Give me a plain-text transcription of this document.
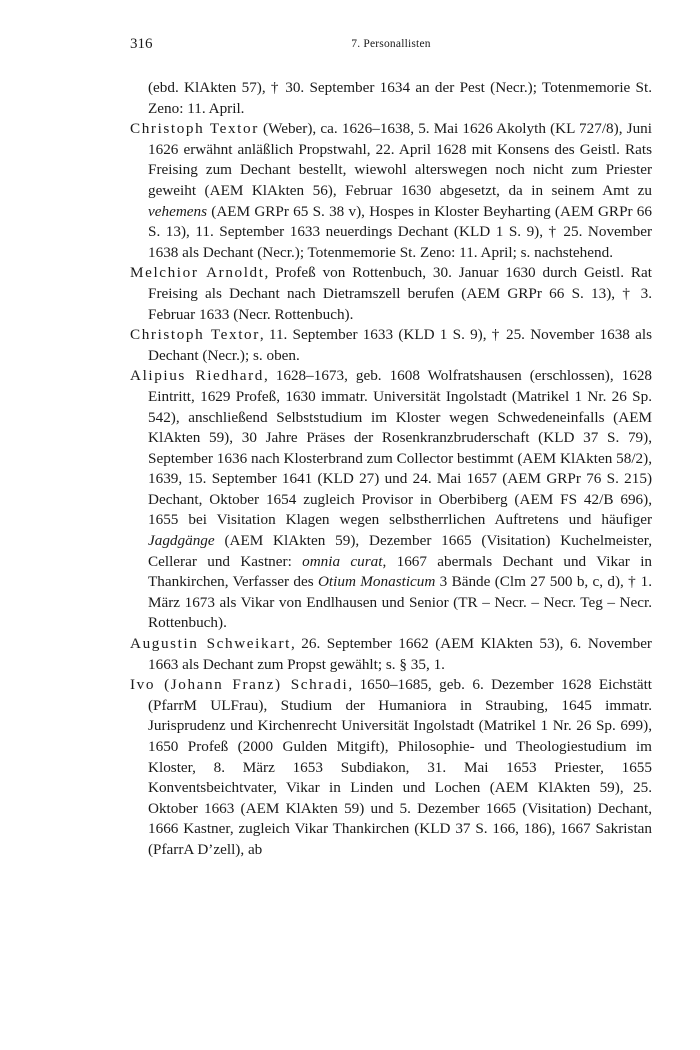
316	7. Personallisten

(ebd. KlAkten 57), † 30. September 1634 an der Pest (Necr.); Totenmemorie St. Zeno: 11. April.

Christoph Textor (Weber), ca. 1626–1638, 5. Mai 1626 Akolyth (KL 727/8), Juni 1626 erwähnt anläßlich Propstwahl, 22. April 1628 mit Konsens des Geistl. Rats Freising zum Dechant bestellt, wiewohl alterswegen noch nicht zum Priester geweiht (AEM KlAkten 56), Februar 1630 abgesetzt, da in seinem Amt zu vehemens (AEM GRPr 65 S. 38 v), Hospes in Kloster Beyharting (AEM GRPr 66 S. 13), 11. September 1633 neuerdings Dechant (KLD 1 S. 9), † 25. November 1638 als Dechant (Necr.); Totenmemorie St. Zeno: 11. April; s. nachstehend.

Melchior Arnoldt, Profeß von Rottenbuch, 30. Januar 1630 durch Geistl. Rat Freising als Dechant nach Dietramszell berufen (AEM GRPr 66 S. 13), † 3. Februar 1633 (Necr. Rottenbuch).

Christoph Textor, 11. September 1633 (KLD 1 S. 9), † 25. November 1638 als Dechant (Necr.); s. oben.

Alipius Riedhard, 1628–1673, geb. 1608 Wolfratshausen (erschlossen), 1628 Eintritt, 1629 Profeß, 1630 immatr. Universität Ingolstadt (Matrikel 1 Nr. 26 Sp. 542), anschließend Selbststudium im Kloster wegen Schwedeneinfalls (AEM KlAkten 59), 30 Jahre Präses der Rosenkranzbruderschaft (KLD 37 S. 79), September 1636 nach Klosterbrand zum Collector bestimmt (AEM KlAkten 58/2), 1639, 15. September 1641 (KLD 27) und 24. Mai 1657 (AEM GRPr 76 S. 215) Dechant, Oktober 1654 zugleich Provisor in Oberbiberg (AEM FS 42/B 696), 1655 bei Visitation Klagen wegen selbstherrlichen Auftretens und häufiger Jagdgänge (AEM KlAkten 59), Dezember 1665 (Visitation) Kuchelmeister, Cellerar und Kastner: omnia curat, 1667 abermals Dechant und Vikar in Thankirchen, Verfasser des Otium Monasticum 3 Bände (Clm 27 500 b, c, d), † 1. März 1673 als Vikar von Endlhausen und Senior (TR – Necr. – Necr. Teg – Necr. Rottenbuch).

Augustin Schweikart, 26. September 1662 (AEM KlAkten 53), 6. November 1663 als Dechant zum Propst gewählt; s. § 35, 1.

Ivo (Johann Franz) Schradi, 1650–1685, geb. 6. Dezember 1628 Eichstätt (PfarrM ULFrau), Studium der Humaniora in Straubing, 1645 immatr. Jurisprudenz und Kirchenrecht Universität Ingolstadt (Matrikel 1 Nr. 26 Sp. 699), 1650 Profeß (2000 Gulden Mitgift), Philosophie- und Theologiestudium im Kloster, 8. März 1653 Subdiakon, 31. Mai 1653 Priester, 1655 Konventsbeichtvater, Vikar in Linden und Lochen (AEM KlAkten 59), 25. Oktober 1663 (AEM KlAkten 59) und 5. Dezember 1665 (Visitation) Dechant, 1666 Kastner, zugleich Vikar Thankirchen (KLD 37 S. 166, 186), 1667 Sakristan (PfarrA D’zell), ab
